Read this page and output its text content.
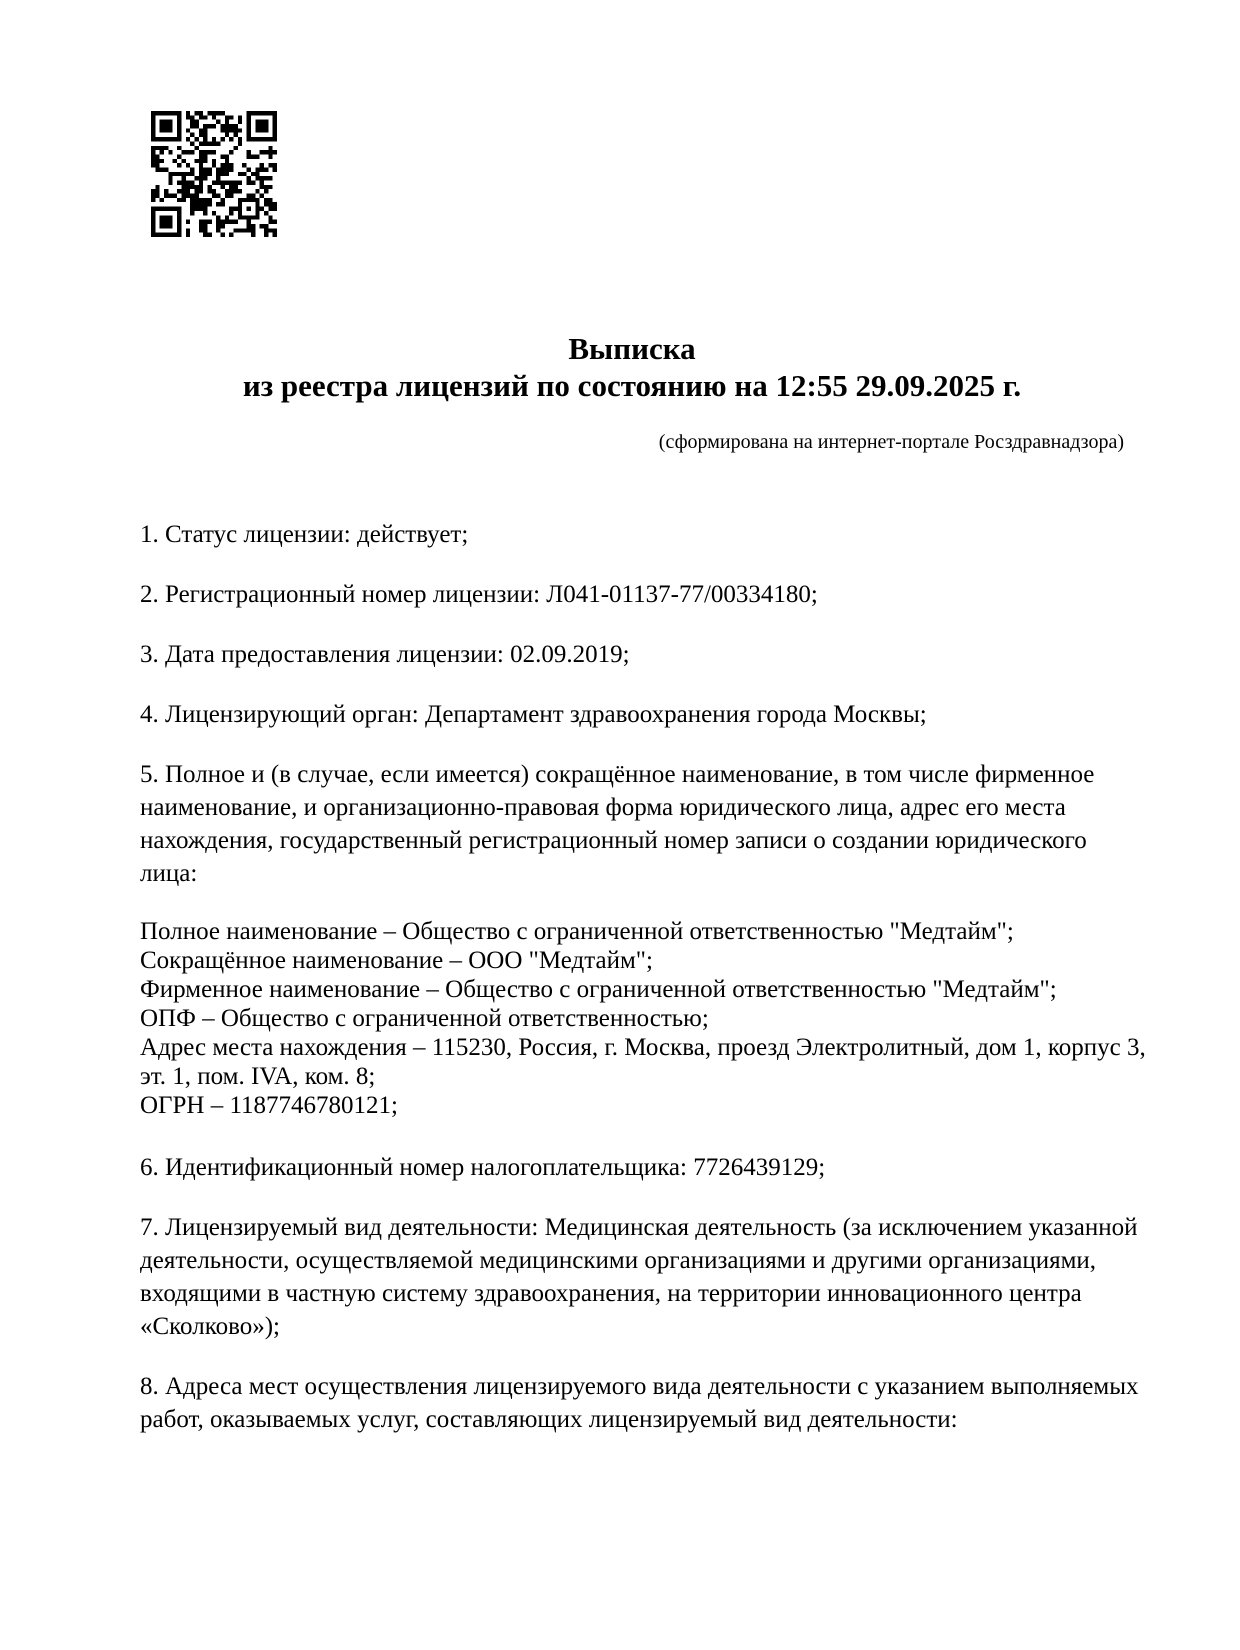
Выписка
из реестра лицензий по состоянию на 12:55 29.09.2025 г.
(сформирована на интернет-портале Росздравнадзора)

1. Статус лицензии: действует;

2. Регистрационный номер лицензии: Л041-01137-77/00334180;

3. Дата предоставления лицензии: 02.09.2019;

4. Лицензирующий орган: Департамент здравоохранения города Москвы;

5. Полное и (в случае, если имеется) сокращённое наименование, в том числе фирменное наименование, и организационно-правовая форма юридического лица, адрес его места нахождения, государственный регистрационный номер записи о создании юридического лица:

Полное наименование – Общество с ограниченной ответственностью "Медтайм";
Сокращённое наименование – ООО "Медтайм";
Фирменное наименование – Общество с ограниченной ответственностью "Медтайм";
ОПФ – Общество с ограниченной ответственностью;
Адрес места нахождения – 115230, Россия, г. Москва, проезд Электролитный, дом 1, корпус 3,
эт. 1, пом. IVA, ком. 8;
ОГРН – 1187746780121;

6. Идентификационный номер налогоплательщика: 7726439129;

7. Лицензируемый вид деятельности: Медицинская деятельность (за исключением указанной деятельности, осуществляемой медицинскими организациями и другими организациями, входящими в частную систему здравоохранения, на территории инновационного центра «Сколково»);

8. Адреса мест осуществления лицензируемого вида деятельности с указанием выполняемых работ, оказываемых услуг, составляющих лицензируемый вид деятельности:
